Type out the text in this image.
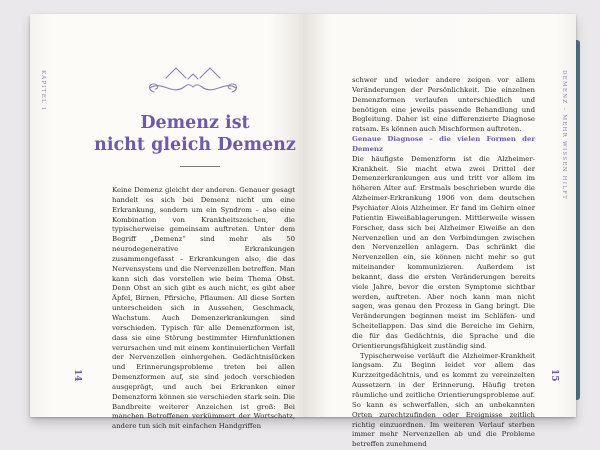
KAPITEL 1
Demenz ist
nicht gleich Demenz

Keine Demenz gleicht der anderen. Genauer gesagt handelt es sich bei Demenz nicht um eine Erkrankung, sondern um ein Syndrom – also eine Kombination von Krankheitszeichen, die typischerweise gemeinsam auftreten. Unter dem Begriff „Demenz“ sind mehr als 50 neurodegenerative Erkrankungen zusammengefasst – Erkrankungen also, die das Nervensystem und die Nervenzellen betreffen. Man kann sich das vorstellen wie beim Thema Obst. Denn Obst an sich gibt es auch nicht, es gibt aber Äpfel, Birnen, Pfirsiche, Pflaumen. All diese Sorten unterscheiden sich in Aussehen, Geschmack, Wachstum. Auch Demenzerkrankungen sind verschieden. Typisch für alle Demenzformen ist, dass sie eine Störung bestimmter Hirnfunktionen verursachen und mit einem kontinuierlichen Verfall der Nervenzellen einhergehen. Gedächtnislücken und Erinnerungsprobleme treten bei allen Demenzformen auf, sie sind jedoch verschieden ausgeprägt, und auch bei Erkranken einer Demenzform können sie verschieden stark sein. Die Bandbreite weiterer Anzeichen ist groß: Bei manchen Betroffenen verkümmert der Wortschatz, andere tun sich mit einfachen Handgriffen

14
DEMENZ – MEHR WISSEN HILFT

schwer und wieder andere zeigen vor allem Veränderungen der Persönlichkeit. Die einzelnen Demenzformen verlaufen unterschiedlich und benötigen eine jeweils passende Behandlung und Begleitung. Daher ist eine differenzierte Diagnose ratsam. Es können auch Mischformen auftreten.

Genaue Diagnose – die vielen Formen der Demenz

Die häufigste Demenzform ist die Alzheimer-Krankheit. Sie macht etwa zwei Drittel der Demenzerkrankungen aus und tritt vor allem im höheren Alter auf. Erstmals beschrieben wurde die Alzheimer-Erkrankung 1906 von dem deutschen Psychiater Alois Alzheimer. Er fand im Gehirn einer Patientin Eiweißablagerungen. Mittlerweile wissen Forscher, dass sich bei Alzheimer Eiweiße an den Nervenzellen und an den Verbindungen zwischen den Nervenzellen anlagern. Das schränkt die Nervenzellen ein, sie können nicht mehr so gut miteinander kommunizieren. Außerdem ist bekannt, dass die ersten Veränderungen bereits viele Jahre, bevor die ersten Symptome sichtbar werden, auftreten. Aber noch kann man nicht sagen, was genau den Prozess in Gang bringt. Die Veränderungen beginnen meist im Schläfen- und Scheitellappen. Das sind die Bereiche im Gehirn, die für das Gedächtnis, die Sprache und die Orientierungsfähigkeit zuständig sind.

Typischerweise verläuft die Alzheimer-Krankheit langsam. Zu Beginn leidet vor allem das Kurzzeitgedächtnis, und es kommt zu vereinzelten Aussetzern in der Erinnerung. Häufig treten räumliche und zeitliche Orientierungsprobleme auf. So kann es schwerfallen, sich an unbekannten Orten zurechtzufinden oder Ereignisse zeitlich richtig einzuordnen. Im weiteren Verlauf sterben immer mehr Nervenzellen ab und die Probleme betreffen zunehmend

15
